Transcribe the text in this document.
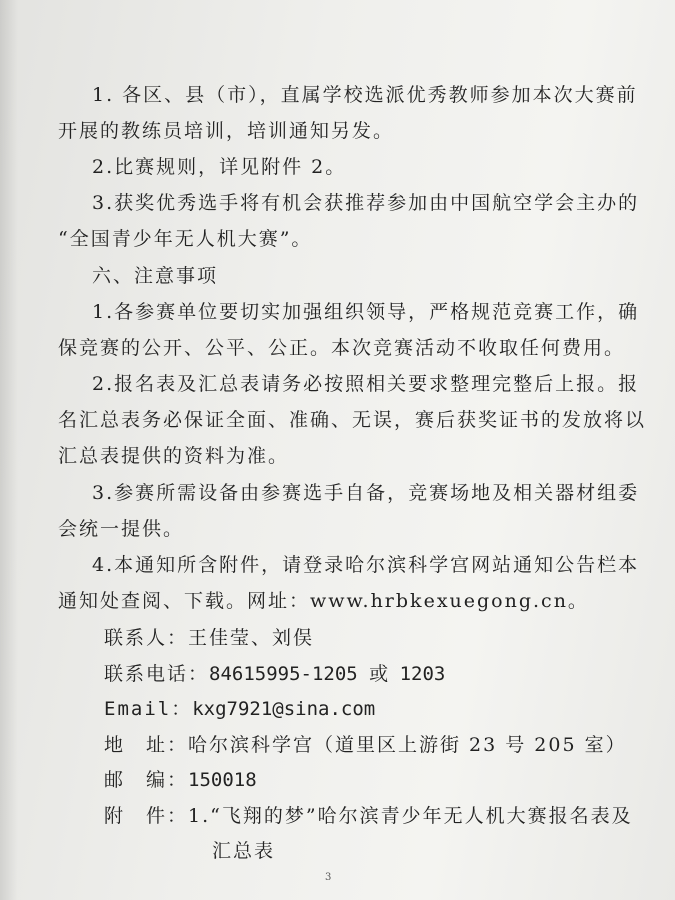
1. 各区、县（市），直属学校选派优秀教师参加本次大赛前
开展的教练员培训，培训通知另发。
2.比赛规则，详见附件 2。
3.获奖优秀选手将有机会获推荐参加由中国航空学会主办的
“全国青少年无人机大赛”。
六、注意事项
1.各参赛单位要切实加强组织领导，严格规范竞赛工作，确
保竞赛的公开、公平、公正。本次竞赛活动不收取任何费用。
2.报名表及汇总表请务必按照相关要求整理完整后上报。报
名汇总表务必保证全面、准确、无误，赛后获奖证书的发放将以
汇总表提供的资料为准。
3.参赛所需设备由参赛选手自备，竞赛场地及相关器材组委
会统一提供。
4.本通知所含附件，请登录哈尔滨科学宫网站通知公告栏本
通知处查阅、下载。网址：www.hrbkexuegong.cn。
联系人：王佳莹、刘俣
联系电话：84615995-1205 或 1203
Email：kxg7921@sina.com
地　址：哈尔滨科学宫（道里区上游街 23 号 205 室）
邮　编：150018
附　件：1.“飞翔的梦”哈尔滨青少年无人机大赛报名表及
汇总表
3
